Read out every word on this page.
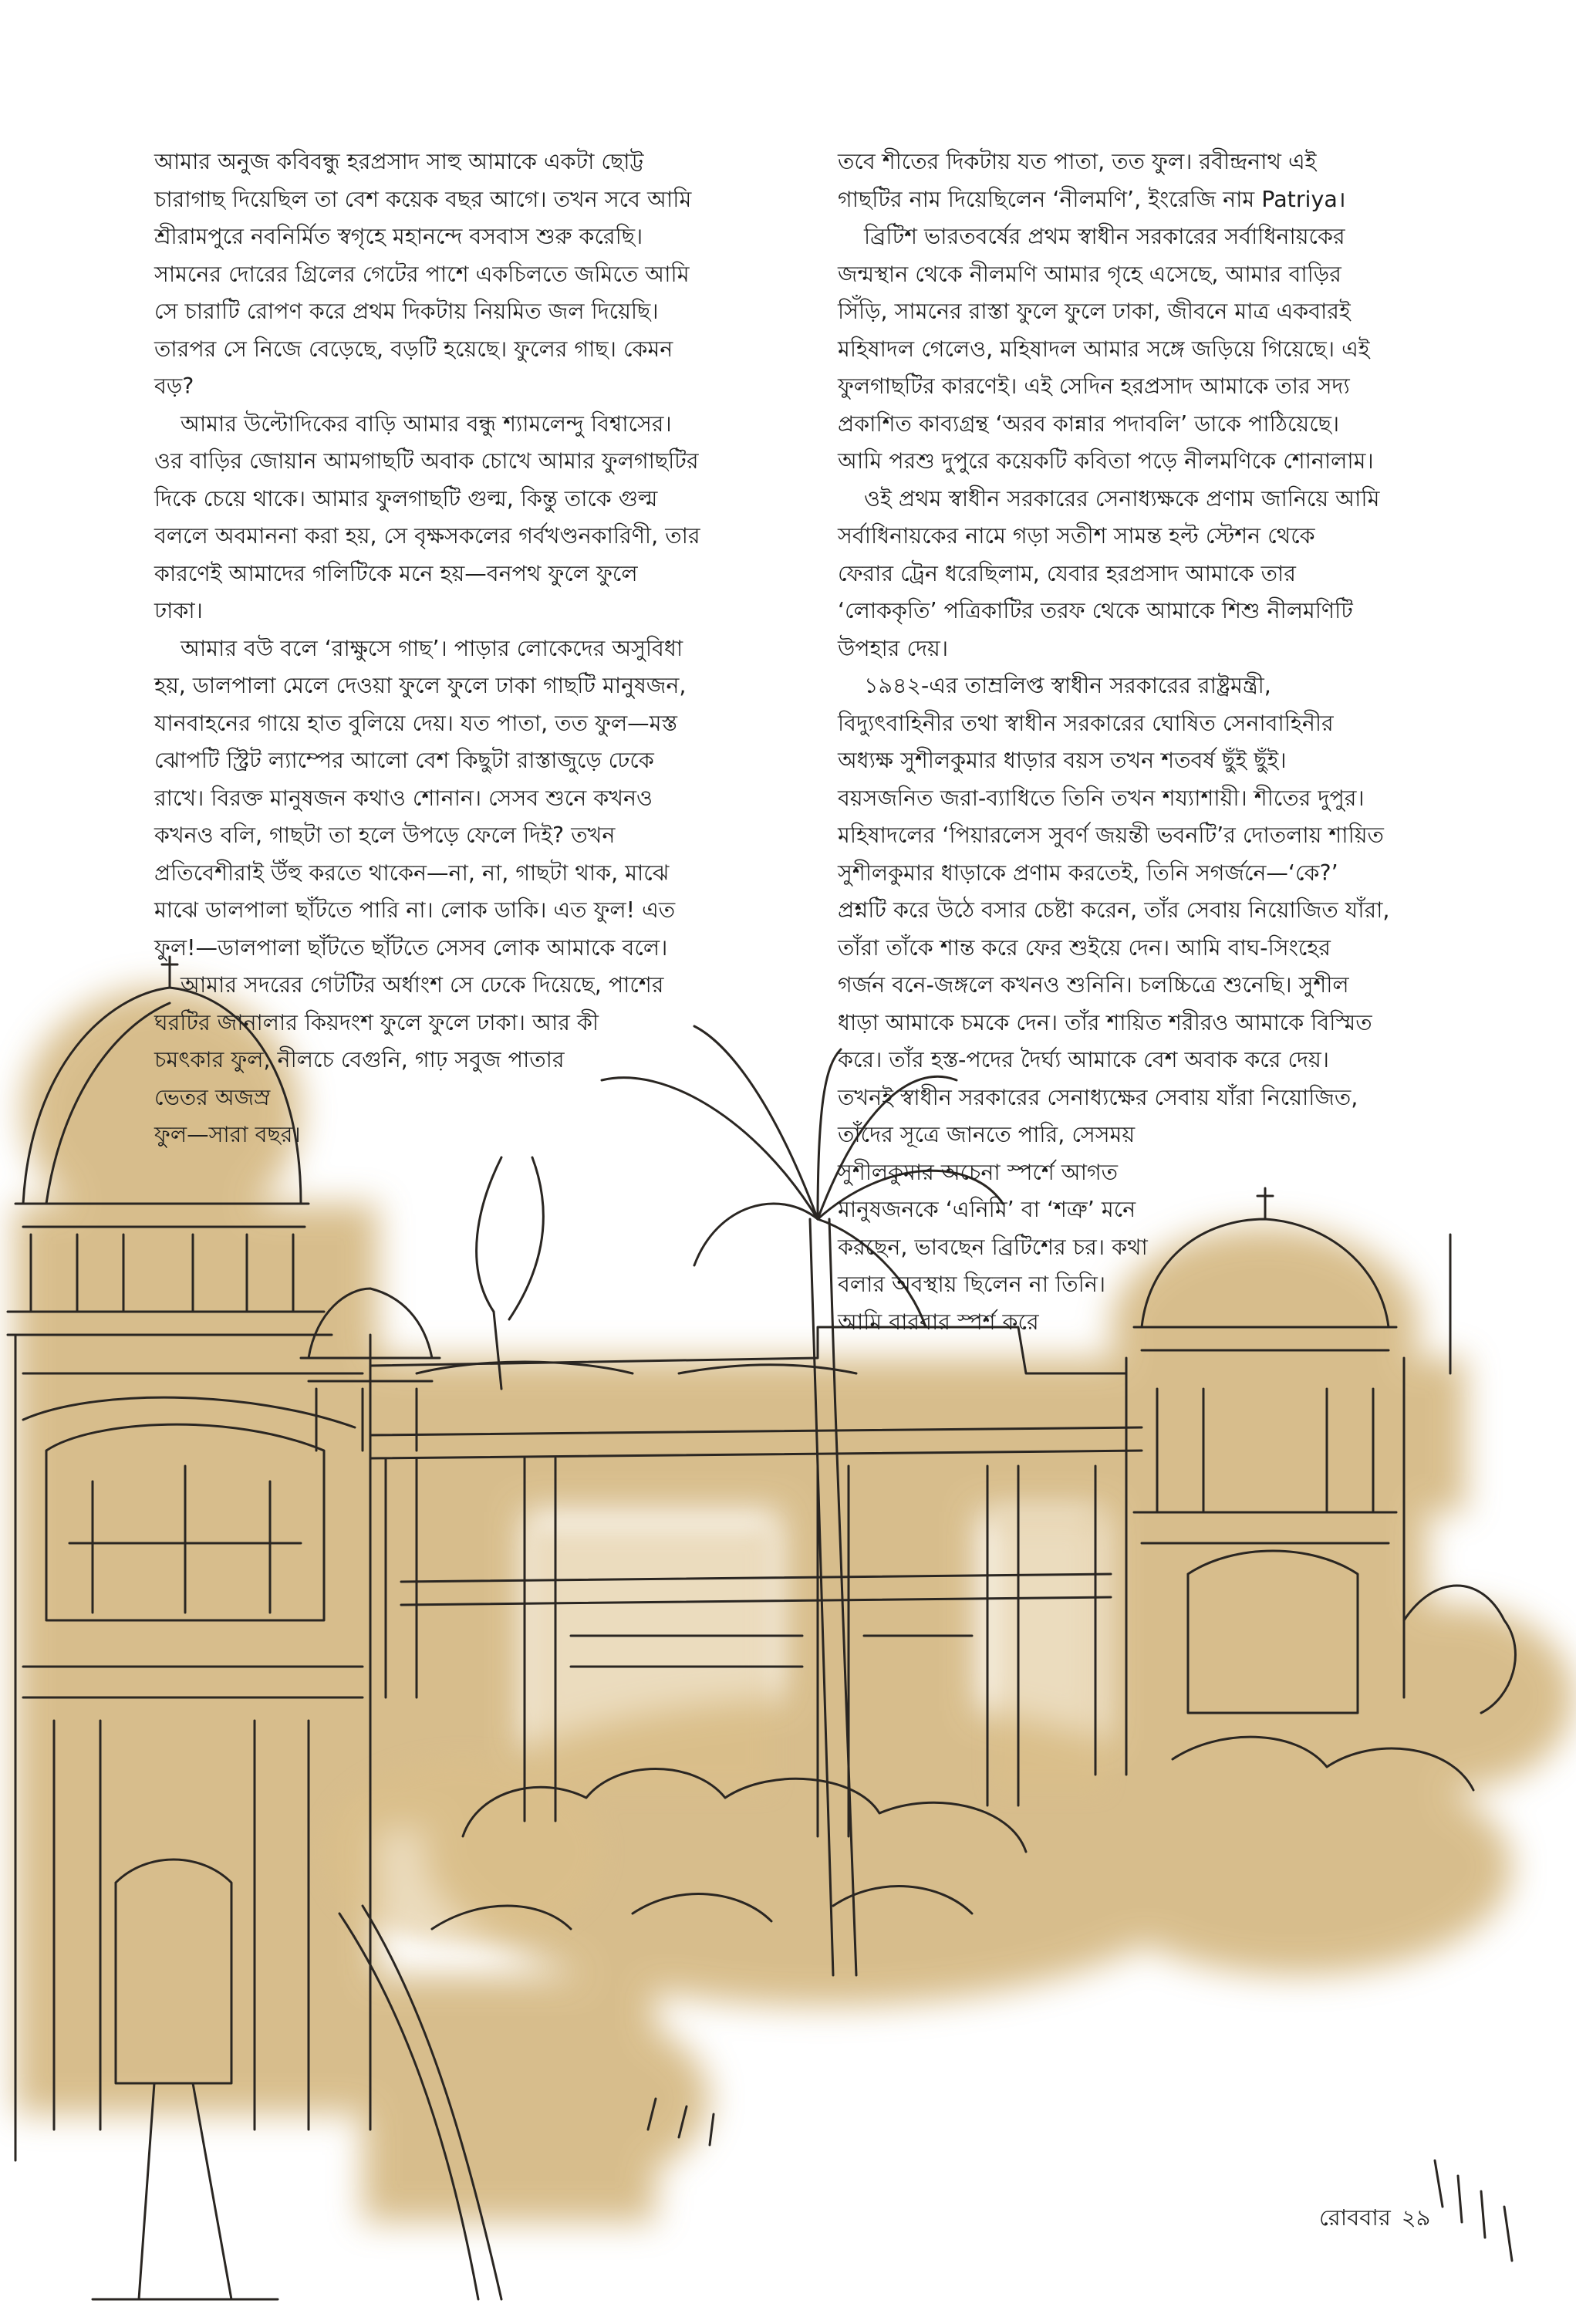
আমার অনুজ কবিবন্ধু হরপ্রসাদ সাহু আমাকে একটা ছোট্ট
চারাগাছ দিয়েছিল তা বেশ কয়েক বছর আগে। তখন সবে আমি
শ্রীরামপুরে নবনির্মিত স্বগৃহে মহানন্দে বসবাস শুরু করেছি।
সামনের দোরের গ্রিলের গেটের পাশে একচিলতে জমিতে আমি
সে চারাটি রোপণ করে প্রথম দিকটায় নিয়মিত জল দিয়েছি।
তারপর সে নিজে বেড়েছে, বড়টি হয়েছে। ফুলের গাছ। কেমন
বড়?

আমার উল্টোদিকের বাড়ি আমার বন্ধু শ্যামলেন্দু বিশ্বাসের।
ওর বাড়ির জোয়ান আমগাছটি অবাক চোখে আমার ফুলগাছটির
দিকে চেয়ে থাকে। আমার ফুলগাছটি গুল্ম, কিন্তু তাকে গুল্ম
বললে অবমাননা করা হয়, সে বৃক্ষসকলের গর্বখণ্ডনকারিণী, তার
কারণেই আমাদের গলিটিকে মনে হয়—বনপথ ফুলে ফুলে
ঢাকা।

আমার বউ বলে ‘রাক্ষুসে গাছ’। পাড়ার লোকেদের অসুবিধা
হয়, ডালপালা মেলে দেওয়া ফুলে ফুলে ঢাকা গাছটি মানুষজন,
যানবাহনের গায়ে হাত বুলিয়ে দেয়। যত পাতা, তত ফুল—মস্ত
ঝোপটি স্ট্রিট ল্যাম্পের আলো বেশ কিছুটা রাস্তাজুড়ে ঢেকে
রাখে। বিরক্ত মানুষজন কথাও শোনান। সেসব শুনে কখনও
কখনও বলি, গাছটা তা হলে উপড়ে ফেলে দিই? তখন
প্রতিবেশীরাই উঁহু করতে থাকেন—না, না, গাছটা থাক, মাঝে
মাঝে ডালপালা ছাঁটতে পারি না। লোক ডাকি। এত ফুল! এত
ফুল!—ডালপালা ছাঁটতে ছাঁটতে সেসব লোক আমাকে বলে।

আমার সদরের গেটটির অর্ধাংশ সে ঢেকে দিয়েছে, পাশের
ঘরটির জানালার কিয়দংশ ফুলে ফুলে ঢাকা। আর কী
চমৎকার ফুল, নীলচে বেগুনি, গাঢ় সবুজ পাতার
ভেতর অজস্র
ফুল—সারা বছর।

তবে শীতের দিকটায় যত পাতা, তত ফুল। রবীন্দ্রনাথ এই
গাছটির নাম দিয়েছিলেন ‘নীলমণি’, ইংরেজি নাম Patriya।

ব্রিটিশ ভারতবর্ষের প্রথম স্বাধীন সরকারের সর্বাধিনায়কের
জন্মস্থান থেকে নীলমণি আমার গৃহে এসেছে, আমার বাড়ির
সিঁড়ি, সামনের রাস্তা ফুলে ফুলে ঢাকা, জীবনে মাত্র একবারই
মহিষাদল গেলেও, মহিষাদল আমার সঙ্গে জড়িয়ে গিয়েছে। এই
ফুলগাছটির কারণেই। এই সেদিন হরপ্রসাদ আমাকে তার সদ্য
প্রকাশিত কাব্যগ্রন্থ ‘অরব কান্নার পদাবলি’ ডাকে পাঠিয়েছে।
আমি পরশু দুপুরে কয়েকটি কবিতা পড়ে নীলমণিকে শোনালাম।

ওই প্রথম স্বাধীন সরকারের সেনাধ্যক্ষকে প্রণাম জানিয়ে আমি
সর্বাধিনায়কের নামে গড়া সতীশ সামন্ত হল্ট স্টেশন থেকে
ফেরার ট্রেন ধরেছিলাম, যেবার হরপ্রসাদ আমাকে তার
‘লোককৃতি’ পত্রিকাটির তরফ থেকে আমাকে শিশু নীলমণিটি
উপহার দেয়।

১৯৪২-এর তাম্রলিপ্ত স্বাধীন সরকারের রাষ্ট্রমন্ত্রী,
বিদ্যুৎবাহিনীর তথা স্বাধীন সরকারের ঘোষিত সেনাবাহিনীর
অধ্যক্ষ সুশীলকুমার ধাড়ার বয়স তখন শতবর্ষ ছুঁই ছুঁই।
বয়সজনিত জরা-ব্যাধিতে তিনি তখন শয্যাশায়ী। শীতের দুপুর।
মহিষাদলের ‘পিয়ারলেস সুবর্ণ জয়ন্তী ভবনটি’র দোতলায় শায়িত
সুশীলকুমার ধাড়াকে প্রণাম করতেই, তিনি সগর্জনে—‘কে?’
প্রশ্নটি করে উঠে বসার চেষ্টা করেন, তাঁর সেবায় নিয়োজিত যাঁরা,
তাঁরা তাঁকে শান্ত করে ফের শুইয়ে দেন। আমি বাঘ-সিংহের
গর্জন বনে-জঙ্গলে কখনও শুনিনি। চলচ্চিত্রে শুনেছি। সুশীল
ধাড়া আমাকে চমকে দেন। তাঁর শায়িত শরীরও আমাকে বিস্মিত
করে। তাঁর হস্ত-পদের দৈর্ঘ্য আমাকে বেশ অবাক করে দেয়।
তখনই স্বাধীন সরকারের সেনাধ্যক্ষের সেবায় যাঁরা নিয়োজিত,
তাঁদের সূত্রে জানতে পারি, সেসময়
সুশীলকুমার অচেনা স্পর্শে আগত
মানুষজনকে ‘এনিমি’ বা ‘শত্রু’ মনে
করছেন, ভাবছেন ব্রিটিশের চর। কথা
বলার অবস্থায় ছিলেন না তিনি।
আমি বারবার স্পর্শ করে

রোববার ২৯
